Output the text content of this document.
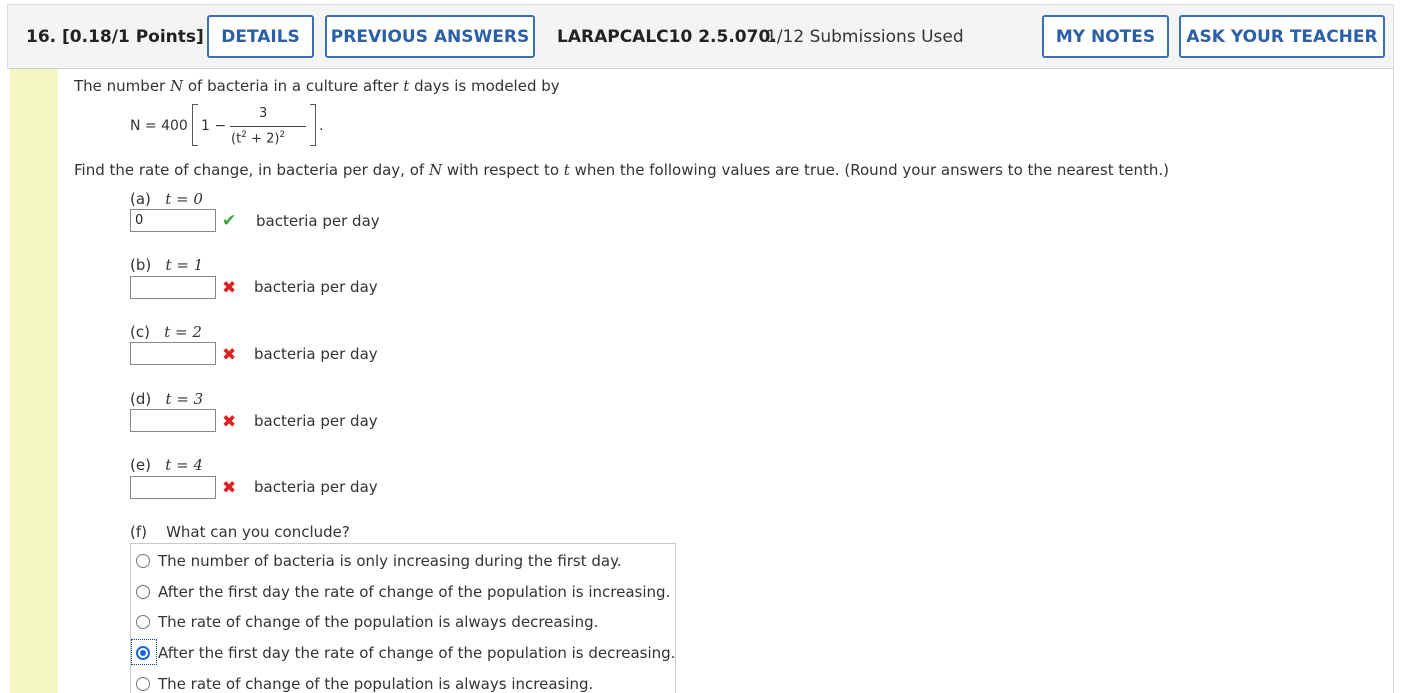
16. [0.18/1 Points]	DETAILS	PREVIOUS ANSWERS	LARAPCALC10 2.5.070.
1/12 Submissions Used	MY NOTES	ASK YOUR TEACHER
The number N of bacteria in a culture after t days is modeled by
N = 400 1 −
3
$(t^2 + 2)^2$
.
Find the rate of change, in bacteria per day, of N with respect to t when the following values are true. (Round your answers to the nearest tenth.)
(a) t = 0
0
✔ bacteria per day
(b) t = 1
✖ bacteria per day
(c) t = 2
✖ bacteria per day
(d) t = 3
✖ bacteria per day
(e) t = 4
✖ bacteria per day
(f) What can you conclude?
The number of bacteria is only increasing during the first day.
After the first day the rate of change of the population is increasing.
The rate of change of the population is always decreasing.
After the first day the rate of change of the population is decreasing.
The rate of change of the population is always increasing.
